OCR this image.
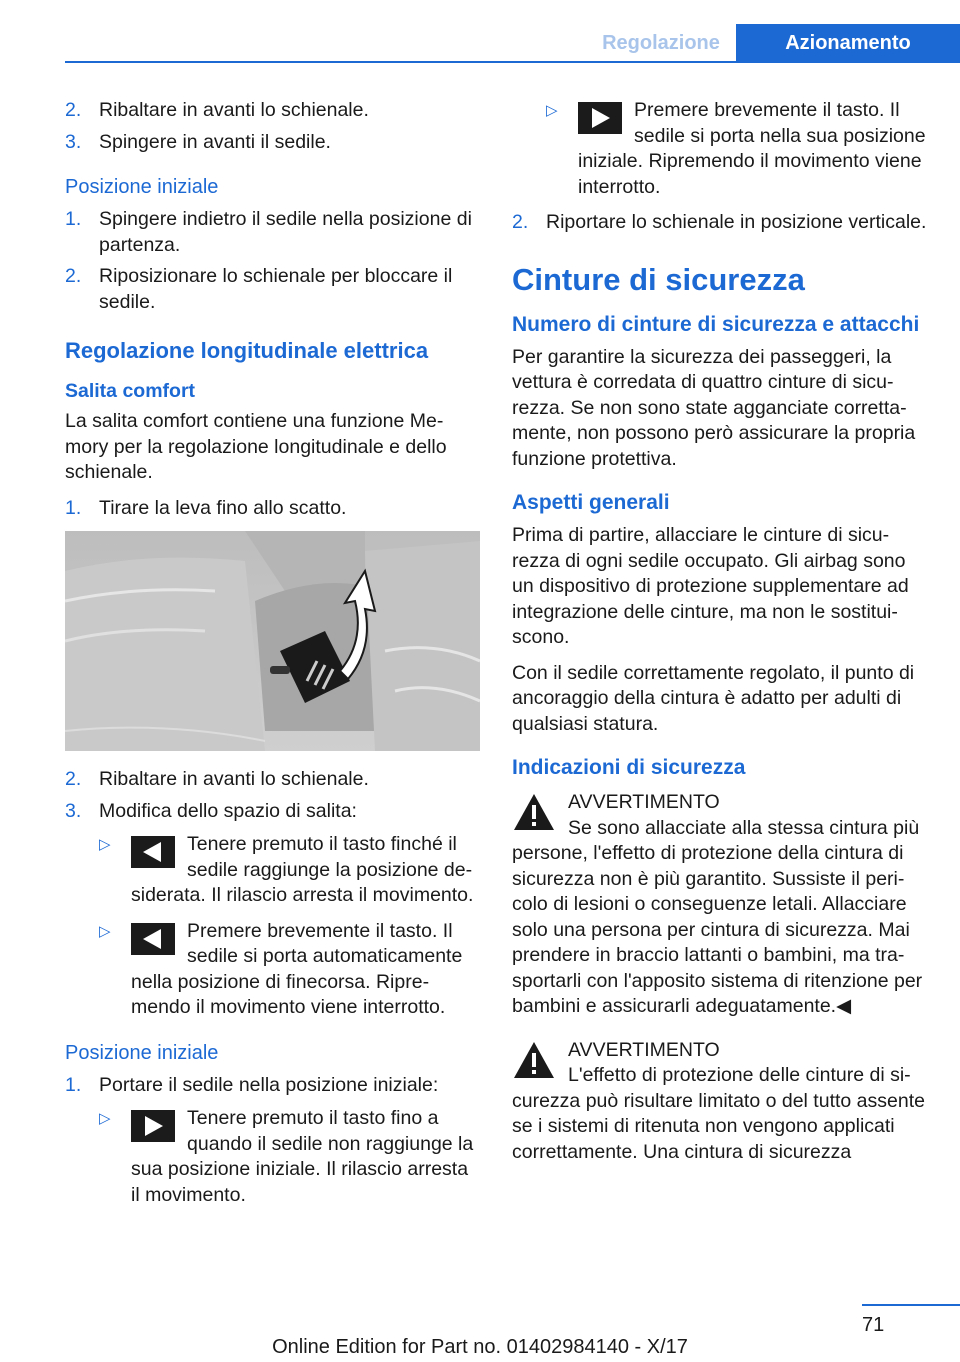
Regolazione	Azionamento
2. Ribaltare in avanti lo schienale.
3. Spingere in avanti il sedile.
Posizione iniziale
1. Spingere indietro il sedile nella posizione di partenza.
2. Riposizionare lo schienale per bloccare il sedile.
Regolazione longitudinale elettrica
Salita comfort

La salita comfort contiene una funzione Memory per la regolazione longitudinale e dello schienale.

1. Tirare la leva fino allo scatto.
2. Ribaltare in avanti lo schienale.
3. Modifica dello spazio di salita:
▷	Tenere premuto il tasto finché il sedile raggiunge la posizione desiderata. Il rilascio arresta il movimento.
▷	Premere brevemente il tasto. Il sedile si porta automaticamente nella posizione di finecorsa. Ripremendo il movimento viene interrotto.
Posizione iniziale
1. Portare il sedile nella posizione iniziale:
▷	Tenere premuto il tasto fino a quando il sedile non raggiunge la sua posizione iniziale. Il rilascio arresta il movimento.
▷	Premere brevemente il tasto. Il sedile si porta nella sua posizione iniziale. Ripremendo il movimento viene interrotto.
2. Riportare lo schienale in posizione verticale.
Cinture di sicurezza
Numero di cinture di sicurezza e attacchi

Per garantire la sicurezza dei passeggeri, la vettura è corredata di quattro cinture di sicurezza. Se non sono state agganciate correttamente, non possono però assicurare la propria funzione protettiva.

Aspetti generali

Prima di partire, allacciare le cinture di sicurezza di ogni sedile occupato. Gli airbag sono un dispositivo di protezione supplementare ad integrazione delle cinture, ma non le sostituiscono.

Con il sedile correttamente regolato, il punto di ancoraggio della cintura è adatto per adulti di qualsiasi statura.

Indicazioni di sicurezza
AVVERTIMENTO
Se sono allacciate alla stessa cintura più persone, l'effetto di protezione della cintura di sicurezza non è più garantito. Sussiste il pericolo di lesioni o conseguenze letali. Allacciare solo una persona per cintura di sicurezza. Mai prendere in braccio lattanti o bambini, ma trasportarli con l'apposito sistema di ritenzione per bambini e assicurarli adeguatamente.◀
AVVERTIMENTO
L'effetto di protezione delle cinture di sicurezza può risultare limitato o del tutto assente se i sistemi di ritenuta non vengono applicati correttamente. Una cintura di sicurezza
71
Online Edition for Part no. 01402984140 - X/17
